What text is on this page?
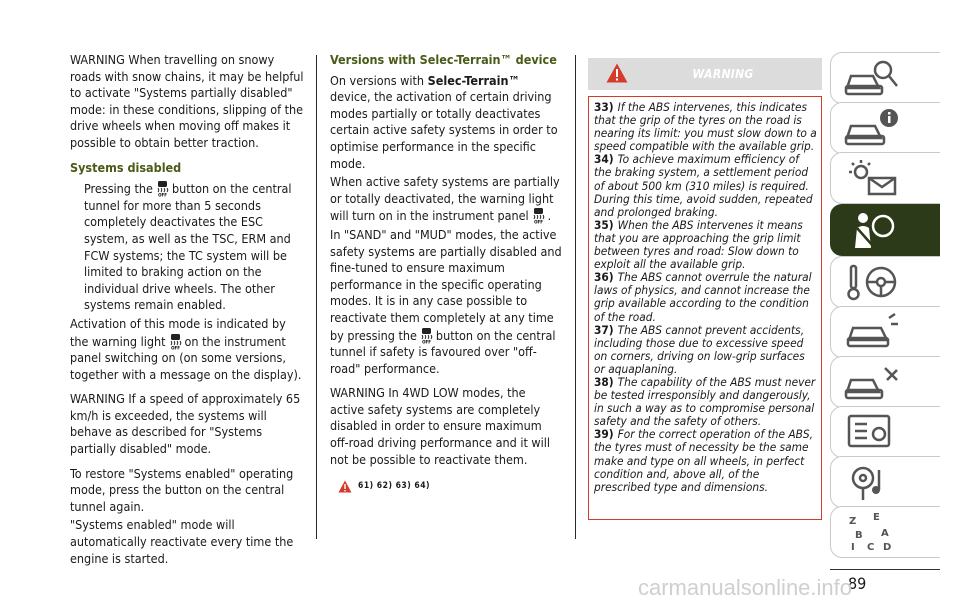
WARNING When travelling on snowy roads with snow chains, it may be helpful to activate "Systems partially disabled" mode: in these conditions, slipping of the drive wheels when moving off makes it possible to obtain better traction.

Systems disabled

Pressing the OFF button on the central tunnel for more than 5 seconds completely deactivates the ESC system, as well as the TSC, ERM and FCW systems; the TC system will be limited to braking action on the individual drive wheels. The other systems remain enabled.

Activation of this mode is indicated by the warning light OFF on the instrument panel switching on (on some versions, together with a message on the display).

WARNING If a speed of approximately 65 km/h is exceeded, the systems will behave as described for "Systems partially disabled" mode.

To restore "Systems enabled" operating mode, press the button on the central tunnel again.

"Systems enabled" mode will automatically reactivate every time the engine is started.

Versions with Selec-Terrain™ device

On versions with Selec-Terrain™ device, the activation of certain driving modes partially or totally deactivates certain active safety systems in order to optimise performance in the specific mode.

When active safety systems are partially or totally deactivated, the warning light will turn on in the instrument panel OFF .

In "SAND" and "MUD" modes, the active safety systems are partially disabled and fine-tuned to ensure maximum performance in the specific operating modes. It is in any case possible to reactivate them completely at any time by pressing the OFF button on the central tunnel if safety is favoured over "off-road" performance.

WARNING In 4WD LOW modes, the active safety systems are completely disabled in order to ensure maximum off-road driving performance and it will not be possible to reactivate them.

61) 62) 63) 64)
WARNING
33) If the ABS intervenes, this indicates that the grip of the tyres on the road is nearing its limit: you must slow down to a speed compatible with the available grip.
34) To achieve maximum efficiency of the braking system, a settlement period of about 500 km (310 miles) is required. During this time, avoid sudden, repeated and prolonged braking.
35) When the ABS intervenes it means that you are approaching the grip limit between tyres and road: Slow down to exploit all the available grip.
36) The ABS cannot overrule the natural laws of physics, and cannot increase the grip available according to the condition of the road.
37) The ABS cannot prevent accidents, including those due to excessive speed on corners, driving on low-grip surfaces or aquaplaning.
38) The capability of the ABS must never be tested irresponsibly and dangerously, in such a way as to compromise personal safety and the safety of others.
39) For the correct operation of the ABS, the tyres must of necessity be the same make and type on all wheels, in perfect condition and, above all, of the prescribed type and dimensions.
Z E
B A
C
I	D
89
carmanualsonline.info
